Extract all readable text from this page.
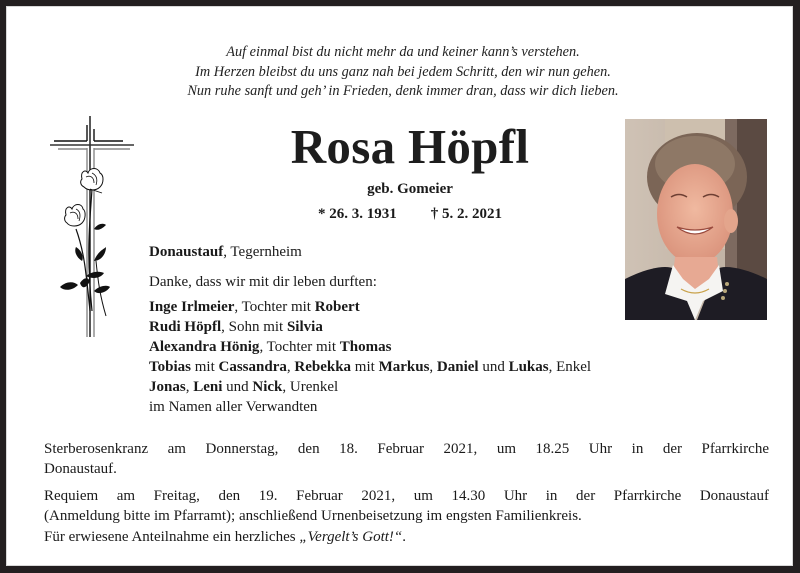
Auf einmal bist du nicht mehr da und keiner kann’s verstehen.
Im Herzen bleibst du uns ganz nah bei jedem Schritt, den wir nun gehen.
Nun ruhe sanft und geh’ in Frieden, denk immer dran, dass wir dich lieben.
Rosa Höpfl
geb. Gomeier
* 26. 3. 1931 † 5. 2. 2021
Donaustauf, Tegernheim
Danke, dass wir mit dir leben durften:
Inge Irlmeier, Tochter mit Robert
Rudi Höpfl, Sohn mit Silvia
Alexandra Hönig, Tochter mit Thomas
Tobias mit Cassandra, Rebekka mit Markus, Daniel und Lukas, Enkel
Jonas, Leni und Nick, Urenkel
im Namen aller Verwandten
Sterberosenkranz am Donnerstag, den 18. Februar 2021, um 18.25 Uhr in der Pfarrkirche
Donaustauf.
Requiem am Freitag, den 19. Februar 2021, um 14.30 Uhr in der Pfarrkirche Donaustauf
(Anmeldung bitte im Pfarramt); anschließend Urnenbeisetzung im engsten Familienkreis.
Für erwiesene Anteilnahme ein herzliches „Vergelt’s Gott!“.
